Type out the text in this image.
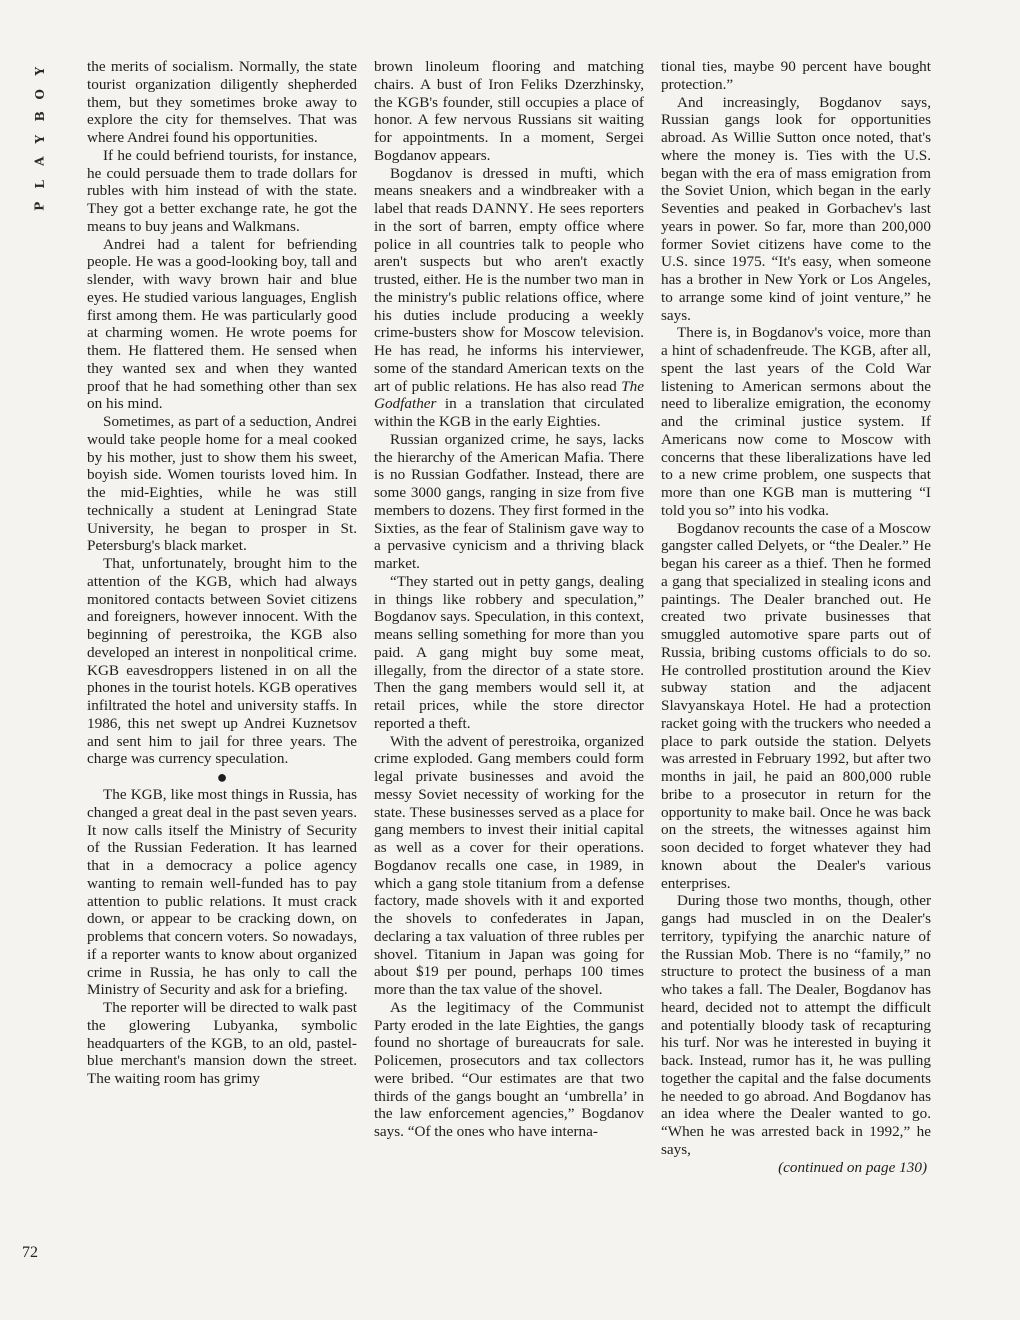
Y
O
B
Y
A
L
P

the merits of socialism. Normally, the state tourist organization diligently shepherded them, but they sometimes broke away to explore the city for themselves. That was where Andrei found his opportunities.

If he could befriend tourists, for instance, he could persuade them to trade dollars for rubles with him instead of with the state. They got a better exchange rate, he got the means to buy jeans and Walkmans.

Andrei had a talent for befriending people. He was a good-looking boy, tall and slender, with wavy brown hair and blue eyes. He studied various languages, English first among them. He was particularly good at charming women. He wrote poems for them. He flattered them. He sensed when they wanted sex and when they wanted proof that he had something other than sex on his mind.

Sometimes, as part of a seduction, Andrei would take people home for a meal cooked by his mother, just to show them his sweet, boyish side. Women tourists loved him. In the mid-Eighties, while he was still technically a student at Leningrad State University, he began to prosper in St. Petersburg's black market.

That, unfortunately, brought him to the attention of the KGB, which had always monitored contacts between Soviet citizens and foreigners, however innocent. With the beginning of perestroika, the KGB also developed an interest in nonpolitical crime. KGB eavesdroppers listened in on all the phones in the tourist hotels. KGB operatives infiltrated the hotel and university staffs. In 1986, this net swept up Andrei Kuznetsov and sent him to jail for three years. The charge was currency speculation.

●

The KGB, like most things in Russia, has changed a great deal in the past seven years. It now calls itself the Ministry of Security of the Russian Federation. It has learned that in a democracy a police agency wanting to remain well-funded has to pay attention to public relations. It must crack down, or appear to be cracking down, on problems that concern voters. So nowadays, if a reporter wants to know about organized crime in Russia, he has only to call the Ministry of Security and ask for a briefing.

The reporter will be directed to walk past the glowering Lubyanka, symbolic headquarters of the KGB, to an old, pastel-blue merchant's mansion down the street. The waiting room has grimy

brown linoleum flooring and matching chairs. A bust of Iron Feliks Dzerzhinsky, the KGB's founder, still occupies a place of honor. A few nervous Russians sit waiting for appointments. In a moment, Sergei Bogdanov appears.

Bogdanov is dressed in mufti, which means sneakers and a windbreaker with a label that reads DANNY. He sees reporters in the sort of barren, empty office where police in all countries talk to people who aren't suspects but who aren't exactly trusted, either. He is the number two man in the ministry's public relations office, where his duties include producing a weekly crime-busters show for Moscow television. He has read, he informs his interviewer, some of the standard American texts on the art of public relations. He has also read The Godfather in a translation that circulated within the KGB in the early Eighties.

Russian organized crime, he says, lacks the hierarchy of the American Mafia. There is no Russian Godfather. Instead, there are some 3000 gangs, ranging in size from five members to dozens. They first formed in the Sixties, as the fear of Stalinism gave way to a pervasive cynicism and a thriving black market.

“They started out in petty gangs, dealing in things like robbery and speculation,” Bogdanov says. Speculation, in this context, means selling something for more than you paid. A gang might buy some meat, illegally, from the director of a state store. Then the gang members would sell it, at retail prices, while the store director reported a theft.

With the advent of perestroika, organized crime exploded. Gang members could form legal private businesses and avoid the messy Soviet necessity of working for the state. These businesses served as a place for gang members to invest their initial capital as well as a cover for their operations. Bogdanov recalls one case, in 1989, in which a gang stole titanium from a defense factory, made shovels with it and exported the shovels to confederates in Japan, declaring a tax valuation of three rubles per shovel. Titanium in Japan was going for about $19 per pound, perhaps 100 times more than the tax value of the shovel.

As the legitimacy of the Communist Party eroded in the late Eighties, the gangs found no shortage of bureaucrats for sale. Policemen, prosecutors and tax collectors were bribed. “Our estimates are that two thirds of the gangs bought an ‘umbrella’ in the law enforcement agencies,” Bogdanov says. “Of the ones who have interna-

tional ties, maybe 90 percent have bought protection.”

And increasingly, Bogdanov says, Russian gangs look for opportunities abroad. As Willie Sutton once noted, that's where the money is. Ties with the U.S. began with the era of mass emigration from the Soviet Union, which began in the early Seventies and peaked in Gorbachev's last years in power. So far, more than 200,000 former Soviet citizens have come to the U.S. since 1975. “It's easy, when someone has a brother in New York or Los Angeles, to arrange some kind of joint venture,” he says.

There is, in Bogdanov's voice, more than a hint of schadenfreude. The KGB, after all, spent the last years of the Cold War listening to American sermons about the need to liberalize emigration, the economy and the criminal justice system. If Americans now come to Moscow with concerns that these liberalizations have led to a new crime problem, one suspects that more than one KGB man is muttering “I told you so” into his vodka.

Bogdanov recounts the case of a Moscow gangster called Delyets, or “the Dealer.” He began his career as a thief. Then he formed a gang that specialized in stealing icons and paintings. The Dealer branched out. He created two private businesses that smuggled automotive spare parts out of Russia, bribing customs officials to do so. He controlled prostitution around the Kiev subway station and the adjacent Slavyanskaya Hotel. He had a protection racket going with the truckers who needed a place to park outside the station. Delyets was arrested in February 1992, but after two months in jail, he paid an 800,000 ruble bribe to a prosecutor in return for the opportunity to make bail. Once he was back on the streets, the witnesses against him soon decided to forget whatever they had known about the Dealer's various enterprises.

During those two months, though, other gangs had muscled in on the Dealer's territory, typifying the anarchic nature of the Russian Mob. There is no “family,” no structure to protect the business of a man who takes a fall. The Dealer, Bogdanov has heard, decided not to attempt the difficult and potentially bloody task of recapturing his turf. Nor was he interested in buying it back. Instead, rumor has it, he was pulling together the capital and the false documents he needed to go abroad. And Bogdanov has an idea where the Dealer wanted to go. “When he was arrested back in 1992,” he says,

(continued on page 130)

72
